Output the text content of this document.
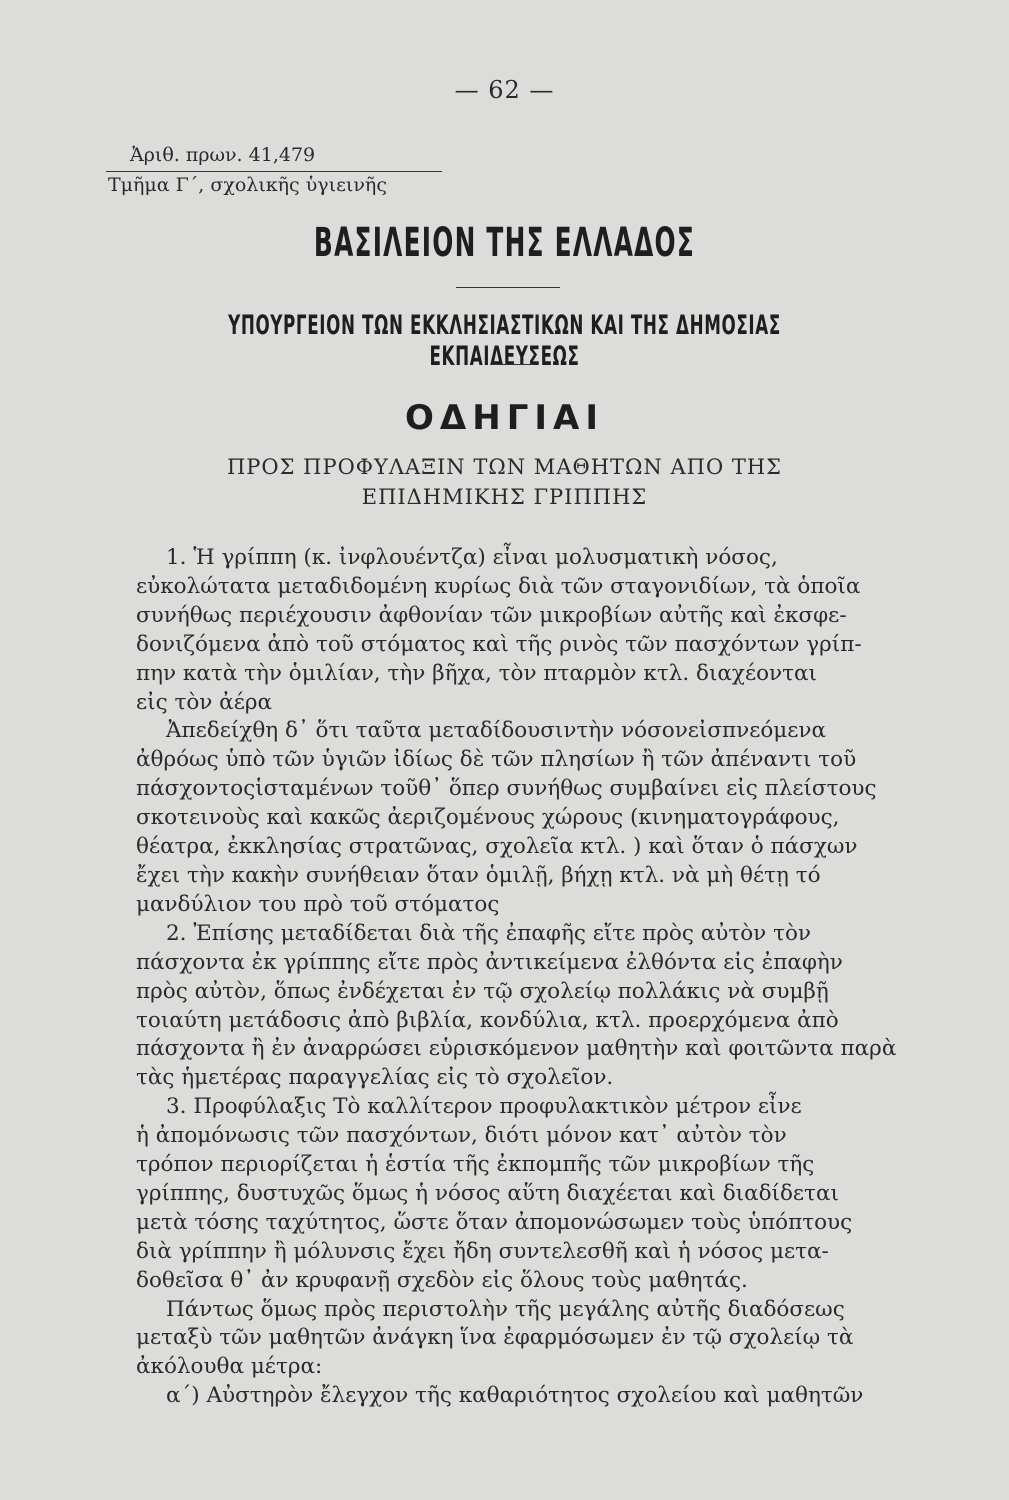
— 62 —
Ἀριθ. πρων. 41,479
Τμῆμα Γ΄, σχολικῆς ὑγιεινῆς
ΒΑΣΙΛΕΙΟΝ ΤΗΣ ΕΛΛΑΔΟΣ
ΥΠΟΥΡΓΕΙΟΝ ΤΩΝ ΕΚΚΛΗΣΙΑΣΤΙΚΩΝ ΚΑΙ ΤΗΣ ΔΗΜΟΣΙΑΣ ΕΚΠΑΙΔΕΥΣΕΩΣ
ΟΔΗΓΙΑΙ
ΠΡΟΣ ΠΡΟΦΥΛΑΞΙΝ ΤΩΝ ΜΑΘΗΤΩΝ ΑΠΟ ΤΗΣ
ΕΠΙΔΗΜΙΚΗΣ ΓΡΙΠΠΗΣ
1. Ἡ γρίππη (κ. ἰνφλουέντζα) εἶναι μολυσματικὴ νόσος,
εὐκολώτατα μεταδιδομένη κυρίως διὰ τῶν σταγονιδίων, τὰ ὁποῖα
συνήθως περιέχουσιν ἀφθονίαν τῶν μικροβίων αὐτῆς καὶ ἐκσφε-
δονιζόμενα ἀπὸ τοῦ στόματος καὶ τῆς ρινὸς τῶν πασχόντων γρίπ-
πην κατὰ τὴν ὁμιλίαν, τὴν βῆχα, τὸν πταρμὸν κτλ. διαχέονται
εἰς τὸν ἀέρα
Ἀπεδείχθη δ᾽ ὅτι ταῦτα μεταδίδουσιντὴν νόσονεἰσπνεόμενα
ἀθρόως ὑπὸ τῶν ὑγιῶν ἰδίως δὲ τῶν πλησίων ἢ τῶν ἀπέναντι τοῦ
πάσχοντοςἱσταμένων τοῦθ᾽ ὅπερ συνήθως συμβαίνει εἰς πλείστους
σκοτεινοὺς καὶ κακῶς ἀεριζομένους χώρους (κινηματογράφους,
θέατρα, ἐκκλησίας στρατῶνας, σχολεῖα κτλ. ) καὶ ὅταν ὁ πάσχων
ἔχει τὴν κακὴν συνήθειαν ὅταν ὁμιλῇ, βήχῃ κτλ. νὰ μὴ θέτῃ τό
μανδύλιον του πρὸ τοῦ στόματος
2. Ἐπίσης μεταδίδεται διὰ τῆς ἐπαφῆς εἴτε πρὸς αὐτὸν τὸν
πάσχοντα ἐκ γρίππης εἴτε πρὸς ἀντικείμενα ἐλθόντα εἰς ἐπαφὴν
πρὸς αὐτὸν, ὅπως ἐνδέχεται ἐν τῷ σχολείῳ πολλάκις νὰ συμβῇ
τοιαύτη μετάδοσις ἀπὸ βιβλία, κονδύλια, κτλ. προερχόμενα ἀπὸ
πάσχοντα ἢ ἐν ἀναρρώσει εὑρισκόμενον μαθητὴν καὶ φοιτῶντα παρὰ
τὰς ἡμετέρας παραγγελίας εἰς τὸ σχολεῖον.
3. Προφύλαξις Τὸ καλλίτερον προφυλακτικὸν μέτρον εἶνε
ἡ ἀπομόνωσις τῶν πασχόντων, διότι μόνον κατ᾽ αὐτὸν τὸν
τρόπον περιορίζεται ἡ ἑστία τῆς ἐκπομπῆς τῶν μικροβίων τῆς
γρίππης, δυστυχῶς ὅμως ἡ νόσος αὕτη διαχέεται καὶ διαδίδεται
μετὰ τόσης ταχύτητος, ὥστε ὅταν ἀπομονώσωμεν τοὺς ὑπόπτους
διὰ γρίππην ἢ μόλυνσις ἔχει ἤδη συντελεσθῆ καὶ ἡ νόσος μετα-
δοθεῖσα θ᾽ ἀν κρυφανῇ σχεδὸν εἰς ὅλους τοὺς μαθητάς.
Πάντως ὅμως πρὸς περιστολὴν τῆς μεγάλης αὐτῆς διαδόσεως
μεταξὺ τῶν μαθητῶν ἀνάγκη ἵνα ἐφαρμόσωμεν ἐν τῷ σχολείῳ τὰ
ἀκόλουθα μέτρα:
α΄) Αὐστηρὸν ἔλεγχον τῆς καθαριότητος σχολείου καὶ μαθητῶν
